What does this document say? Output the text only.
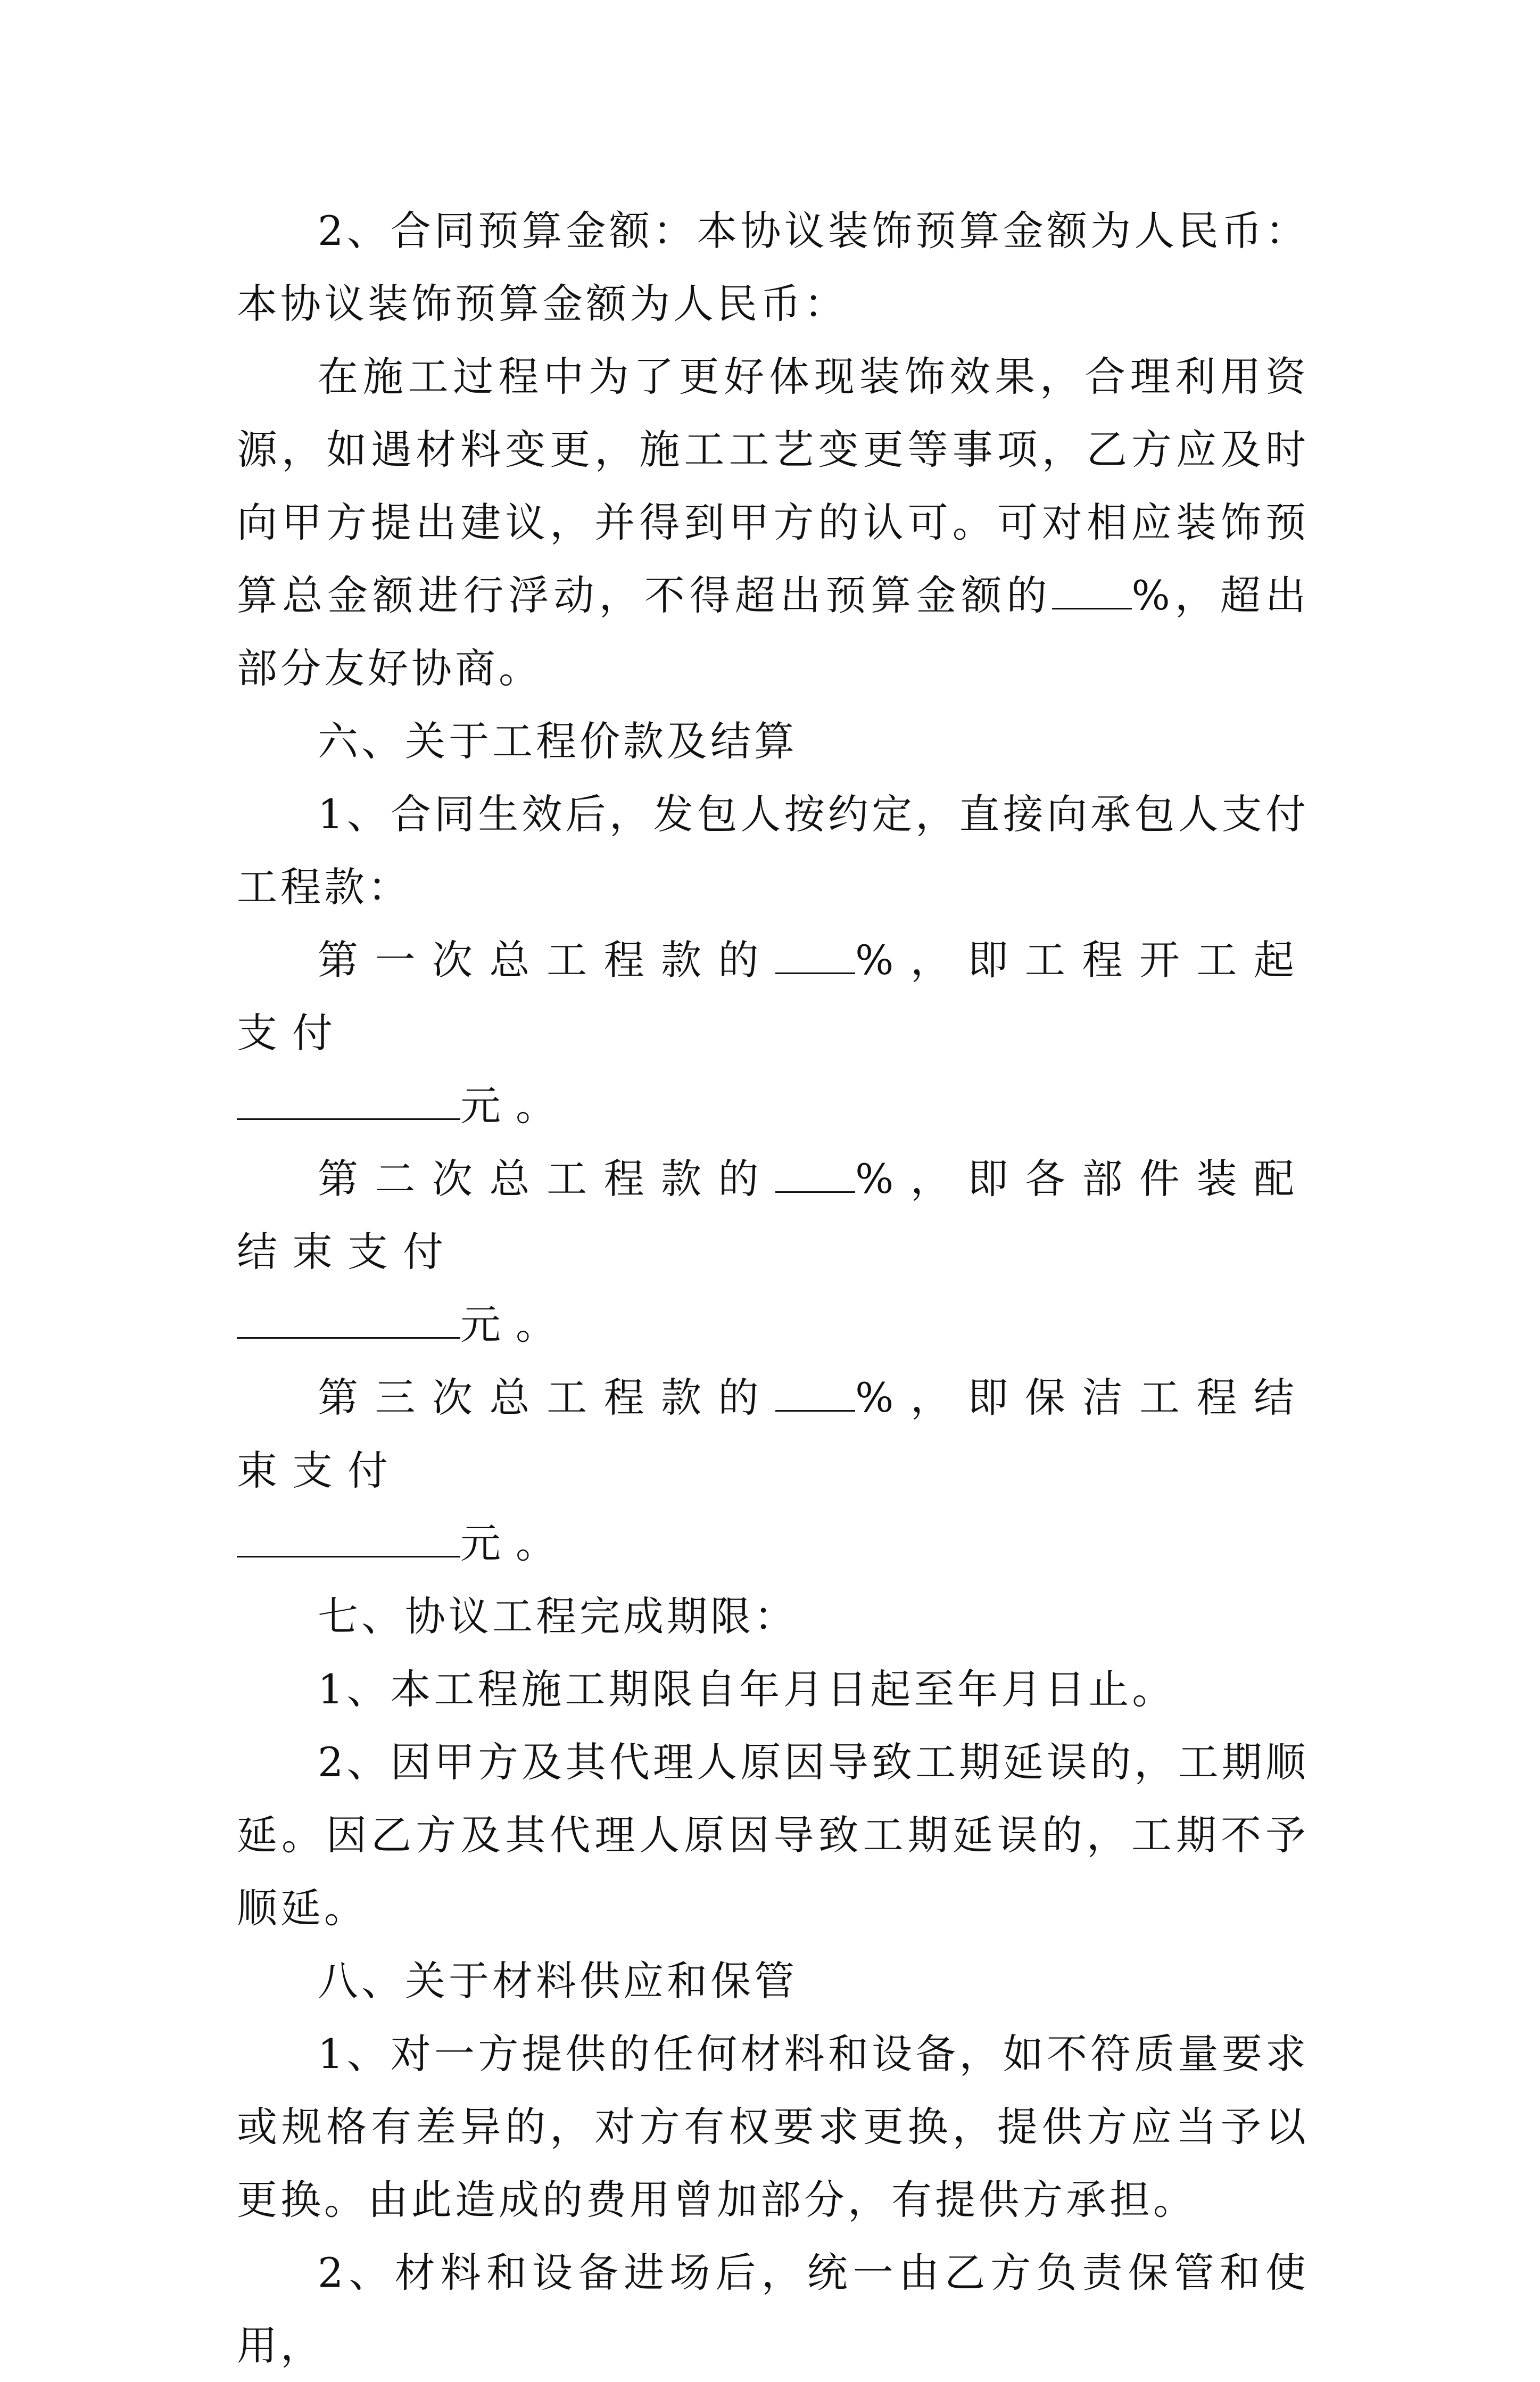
2、合同预算金额：本协议装饰预算金额为人民币：本协议装饰预算金额为人民币：

在施工过程中为了更好体现装饰效果，合理利用资源，如遇材料变更，施工工艺变更等事项，乙方应及时向甲方提出建议，并得到甲方的认可。可对相应装饰预算总金额进行浮动，不得超出预算金额的 %，超出部分友好协商。

六、关于工程价款及结算

1、合同生效后，发包人按约定，直接向承包人支付工程款：

第一次总工程款的 %，即工程开工起支付
元。

第二次总工程款的 %，即各部件装配结束支付
元。

第三次总工程款的 %，即保洁工程结束支付
元。

七、协议工程完成期限：

1、本工程施工期限自年月日起至年月日止。

2、因甲方及其代理人原因导致工期延误的，工期顺延。因乙方及其代理人原因导致工期延误的，工期不予顺延。

八、关于材料供应和保管

1、对一方提供的任何材料和设备，如不符质量要求或规格有差异的，对方有权要求更换，提供方应当予以更换。由此造成的费用曾加部分，有提供方承担。

2、材料和设备进场后，统一由乙方负责保管和使用，
